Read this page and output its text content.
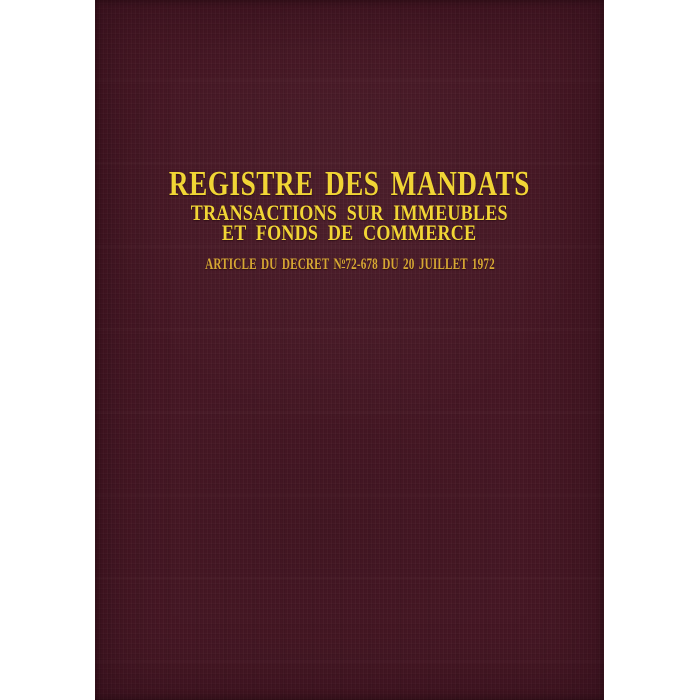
REGISTRE DES MANDATS
TRANSACTIONS SUR IMMEUBLES
ET FONDS DE COMMERCE
ARTICLE DU DECRET $N^o72-678$ DU 20 JUILLET 1972
